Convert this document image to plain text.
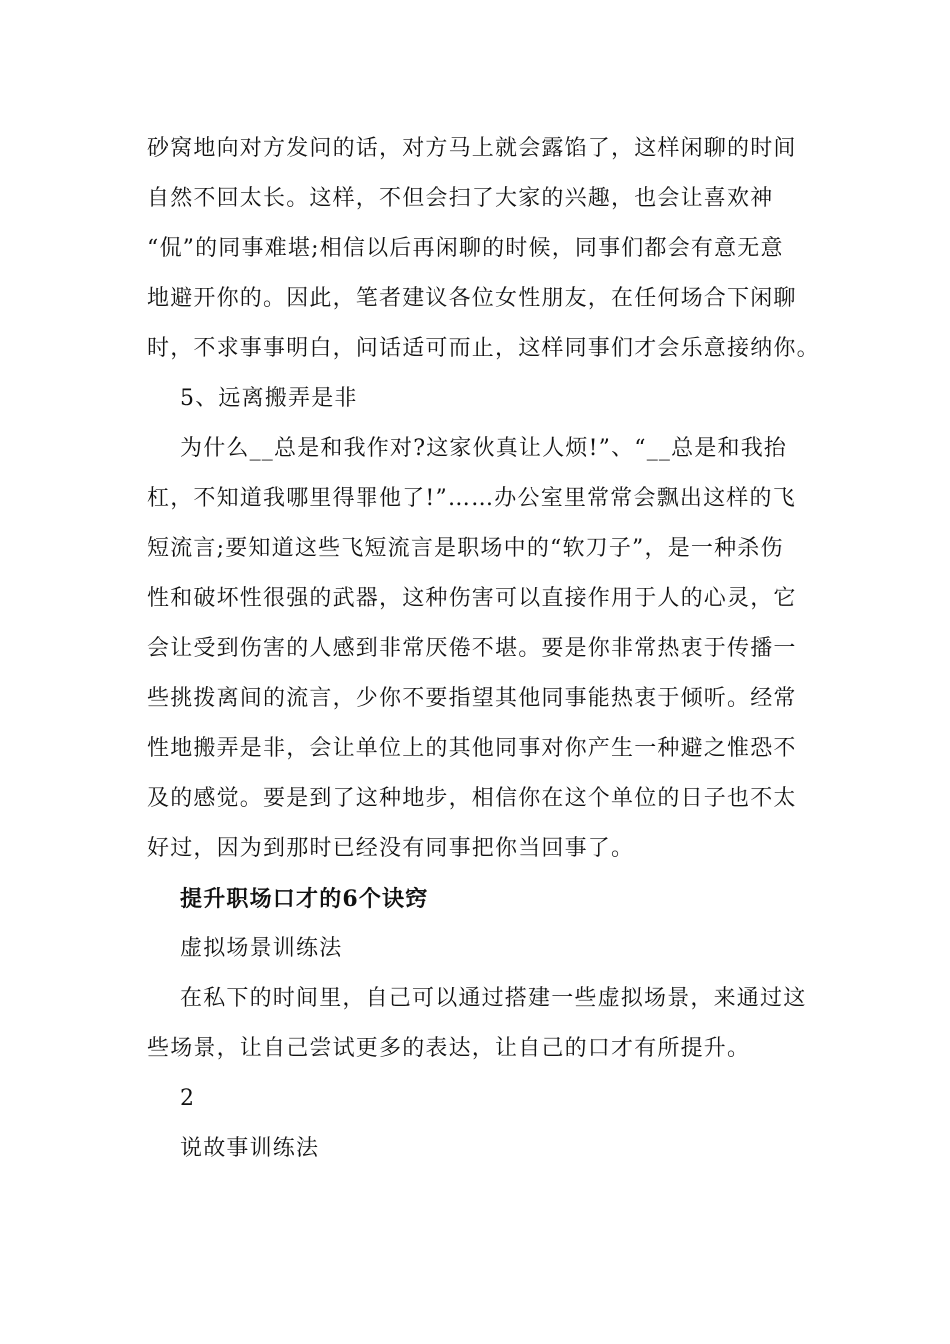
砂窝地向对方发问的话，对方马上就会露馅了，这样闲聊的时间
自然不回太长。这样，不但会扫了大家的兴趣，也会让喜欢神
“侃”的同事难堪;相信以后再闲聊的时候，同事们都会有意无意
地避开你的。因此，笔者建议各位女性朋友，在任何场合下闲聊
时，不求事事明白，问话适可而止，这样同事们才会乐意接纳你。
5、远离搬弄是非
为什么__总是和我作对?这家伙真让人烦!”、“__总是和我抬
杠，不知道我哪里得罪他了!”……办公室里常常会飘出这样的飞
短流言;要知道这些飞短流言是职场中的“软刀子”，是一种杀伤
性和破坏性很强的武器，这种伤害可以直接作用于人的心灵，它
会让受到伤害的人感到非常厌倦不堪。要是你非常热衷于传播一
些挑拨离间的流言，少你不要指望其他同事能热衷于倾听。经常
性地搬弄是非，会让单位上的其他同事对你产生一种避之惟恐不
及的感觉。要是到了这种地步，相信你在这个单位的日子也不太
好过，因为到那时已经没有同事把你当回事了。
提升职场口才的6个诀窍
虚拟场景训练法
在私下的时间里，自己可以通过搭建一些虚拟场景，来通过这
些场景，让自己尝试更多的表达，让自己的口才有所提升。
2
说故事训练法
